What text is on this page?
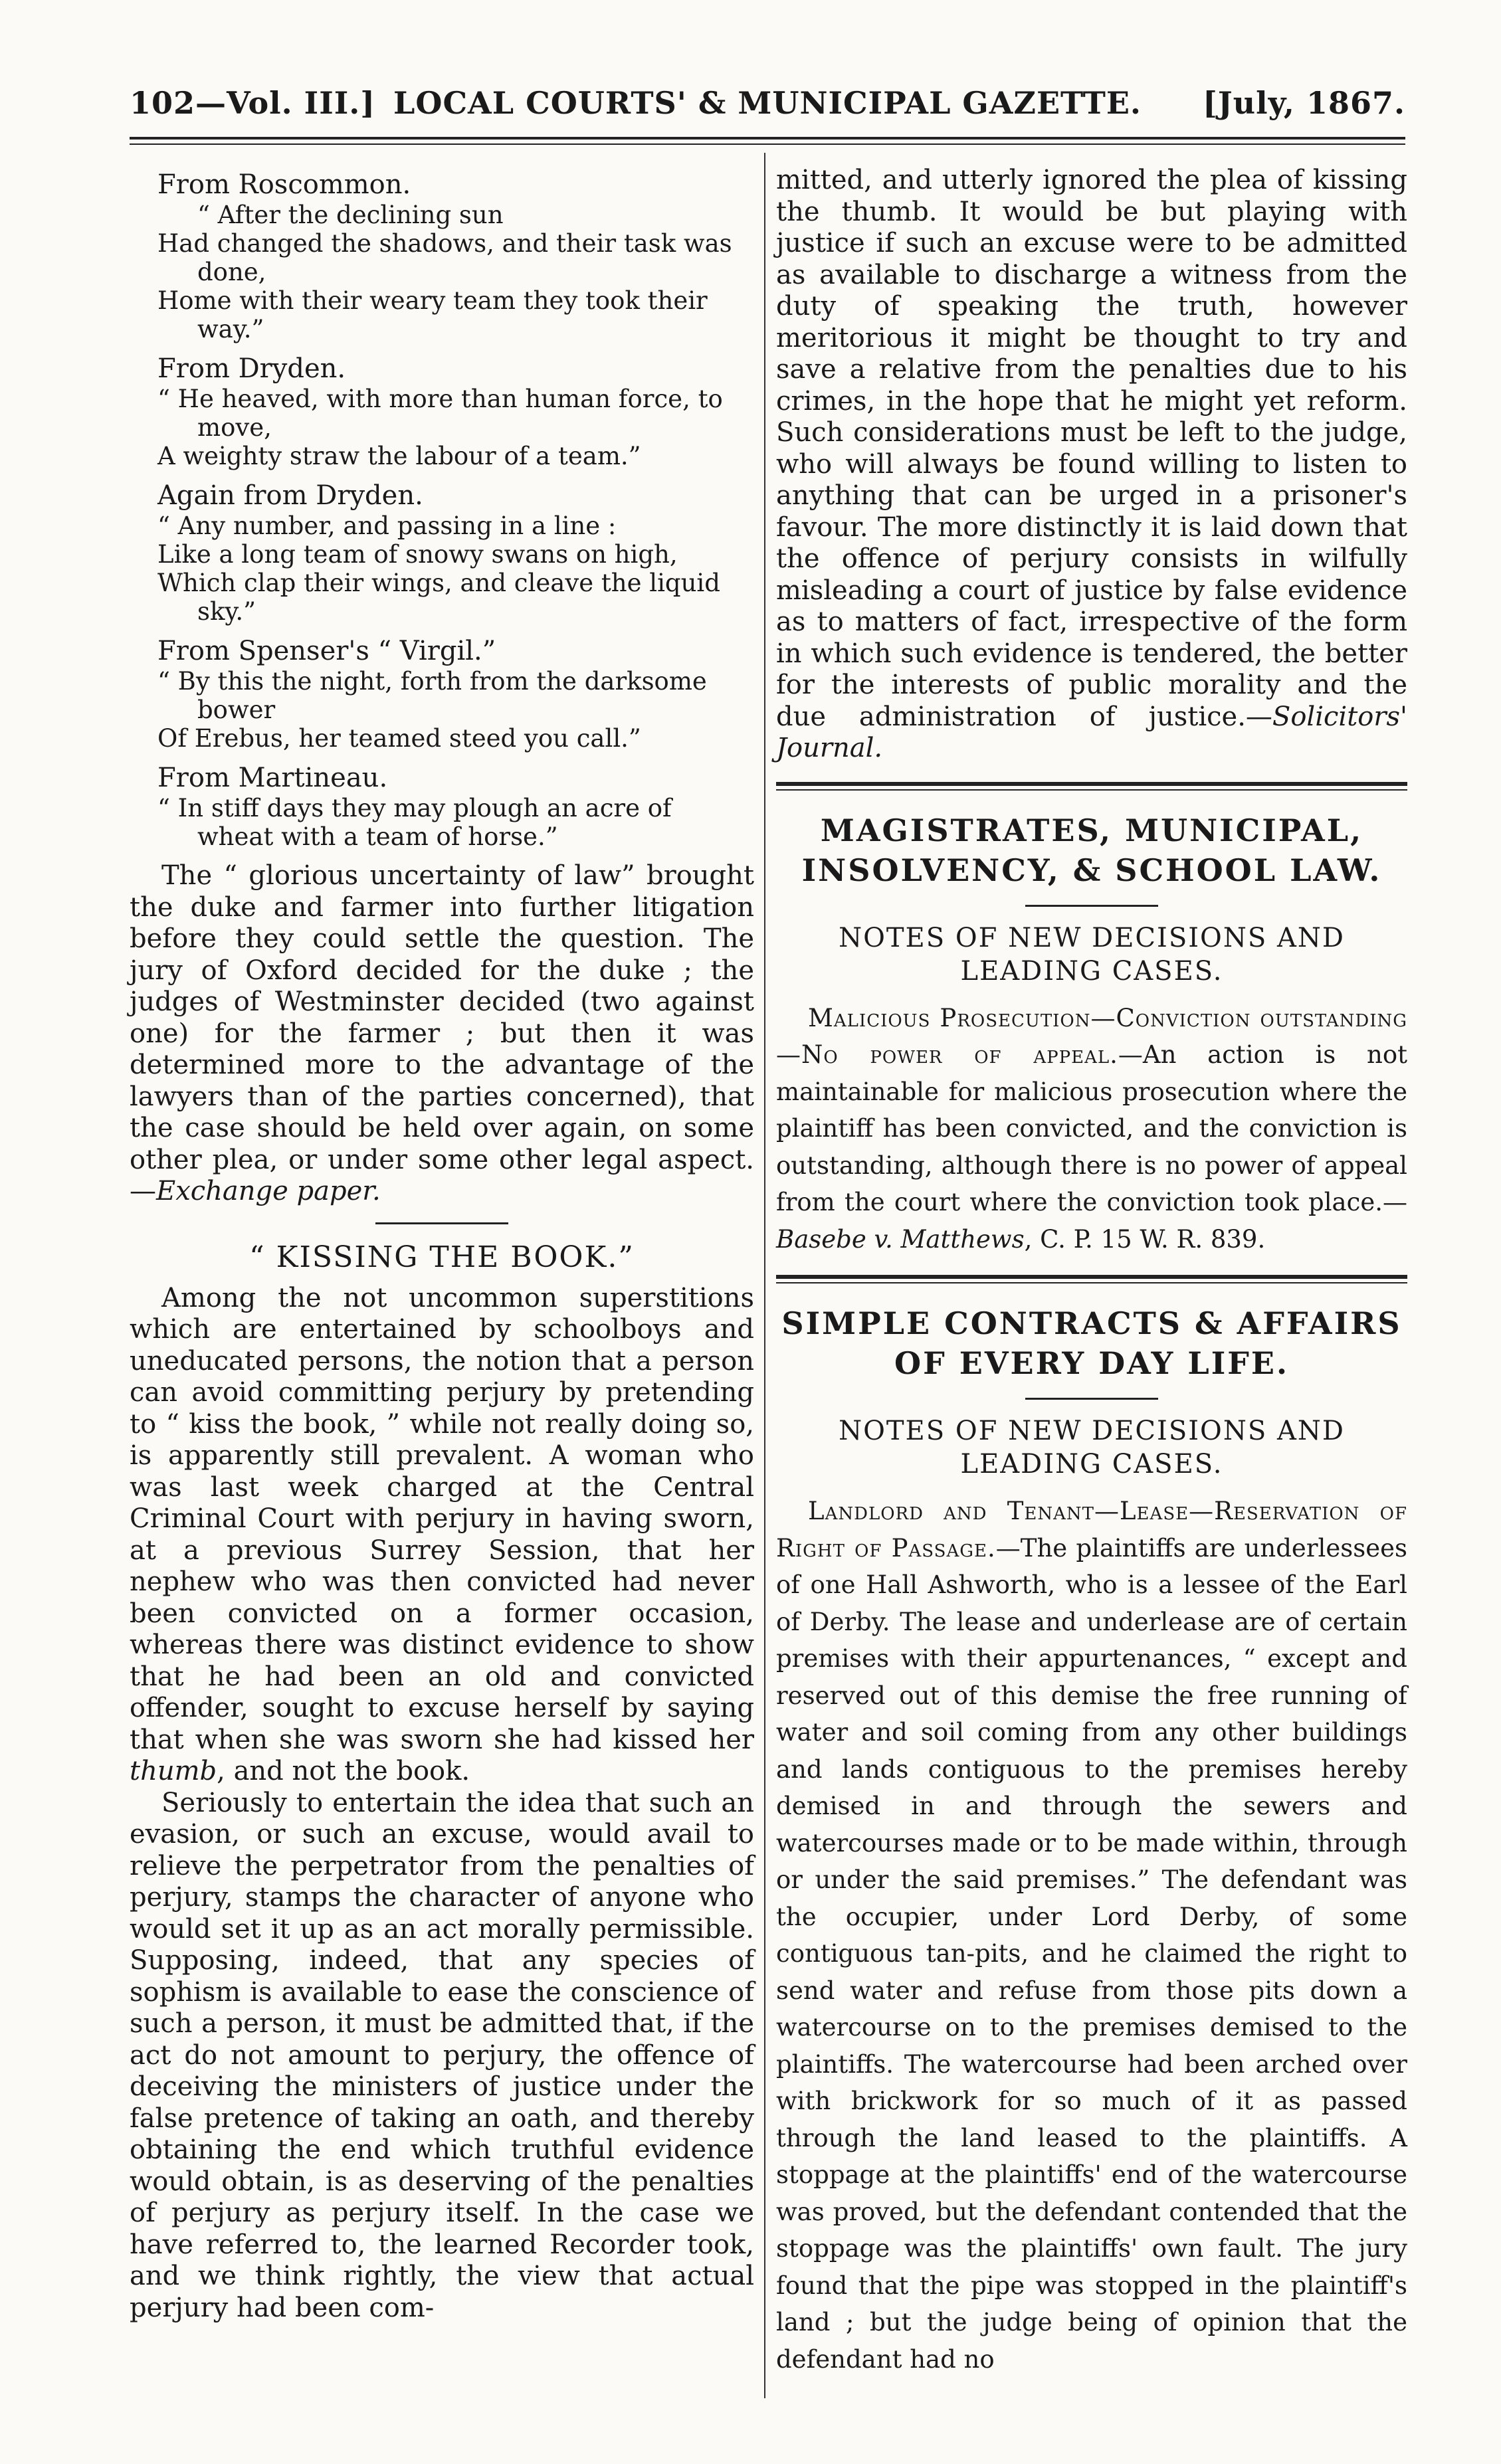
102—Vol. III.] LOCAL COURTS' & MUNICIPAL GAZETTE.	[July, 1867.

From Roscommon.

“ After the declining sun
Had changed the shadows, and their task was
done,
Home with their weary team they took their
way.”

From Dryden.

“ He heaved, with more than human force, to
move,
A weighty straw the labour of a team.”

Again from Dryden.

“ Any number, and passing in a line :
Like a long team of snowy swans on high,
Which clap their wings, and cleave the liquid
sky.”

From Spenser's “ Virgil.”

“ By this the night, forth from the darksome
bower
Of Erebus, her teamed steed you call.”

From Martineau.

“ In stiff days they may plough an acre of
wheat with a team of horse.”

The “ glorious uncertainty of law” brought the duke and farmer into further litigation before they could settle the question. The jury of Oxford decided for the duke ; the judges of Westminster decided (two against one) for the farmer ; but then it was determined more to the advantage of the lawyers than of the parties concerned), that the case should be held over again, on some other plea, or under some other legal aspect.—Exchange paper.

“ KISSING THE BOOK.”

Among the not uncommon superstitions which are entertained by schoolboys and uneducated persons, the notion that a person can avoid committing perjury by pretending to “ kiss the book, ” while not really doing so, is apparently still prevalent. A woman who was last week charged at the Central Criminal Court with perjury in having sworn, at a previous Surrey Session, that her nephew who was then convicted had never been convicted on a former occasion, whereas there was distinct evidence to show that he had been an old and convicted offender, sought to excuse herself by saying that when she was sworn she had kissed her thumb, and not the book.

Seriously to entertain the idea that such an evasion, or such an excuse, would avail to relieve the perpetrator from the penalties of perjury, stamps the character of anyone who would set it up as an act morally permissible. Supposing, indeed, that any species of sophism is available to ease the conscience of such a person, it must be admitted that, if the act do not amount to perjury, the offence of deceiving the ministers of justice under the false pretence of taking an oath, and thereby obtaining the end which truthful evidence would obtain, is as deserving of the penalties of perjury as perjury itself. In the case we have referred to, the learned Recorder took, and we think rightly, the view that actual perjury had been com-

mitted, and utterly ignored the plea of kissing the thumb. It would be but playing with justice if such an excuse were to be admitted as available to discharge a witness from the duty of speaking the truth, however meritorious it might be thought to try and save a relative from the penalties due to his crimes, in the hope that he might yet reform. Such considerations must be left to the judge, who will always be found willing to listen to anything that can be urged in a prisoner's favour. The more distinctly it is laid down that the offence of perjury consists in wilfully misleading a court of justice by false evidence as to matters of fact, irrespective of the form in which such evidence is tendered, the better for the interests of public morality and the due administration of justice.—Solicitors' Journal.

MAGISTRATES, MUNICIPAL, INSOLVENCY, & SCHOOL LAW.

NOTES OF NEW DECISIONS AND LEADING CASES.

Malicious Prosecution—Conviction outstanding—No power of appeal.—An action is not maintainable for malicious prosecution where the plaintiff has been convicted, and the conviction is outstanding, although there is no power of appeal from the court where the conviction took place.—Basebe v. Matthews, C. P. 15 W. R. 839.

SIMPLE CONTRACTS & AFFAIRS OF EVERY DAY LIFE.

NOTES OF NEW DECISIONS AND LEADING CASES.

Landlord and Tenant—Lease—Reservation of Right of Passage.—The plaintiffs are underlessees of one Hall Ashworth, who is a lessee of the Earl of Derby. The lease and underlease are of certain premises with their appurtenances, “ except and reserved out of this demise the free running of water and soil coming from any other buildings and lands contiguous to the premises hereby demised in and through the sewers and watercourses made or to be made within, through or under the said premises.” The defendant was the occupier, under Lord Derby, of some contiguous tan-pits, and he claimed the right to send water and refuse from those pits down a watercourse on to the premises demised to the plaintiffs. The watercourse had been arched over with brickwork for so much of it as passed through the land leased to the plaintiffs. A stoppage at the plaintiffs' end of the watercourse was proved, but the defendant contended that the stoppage was the plaintiffs' own fault. The jury found that the pipe was stopped in the plaintiff's land ; but the judge being of opinion that the defendant had no
